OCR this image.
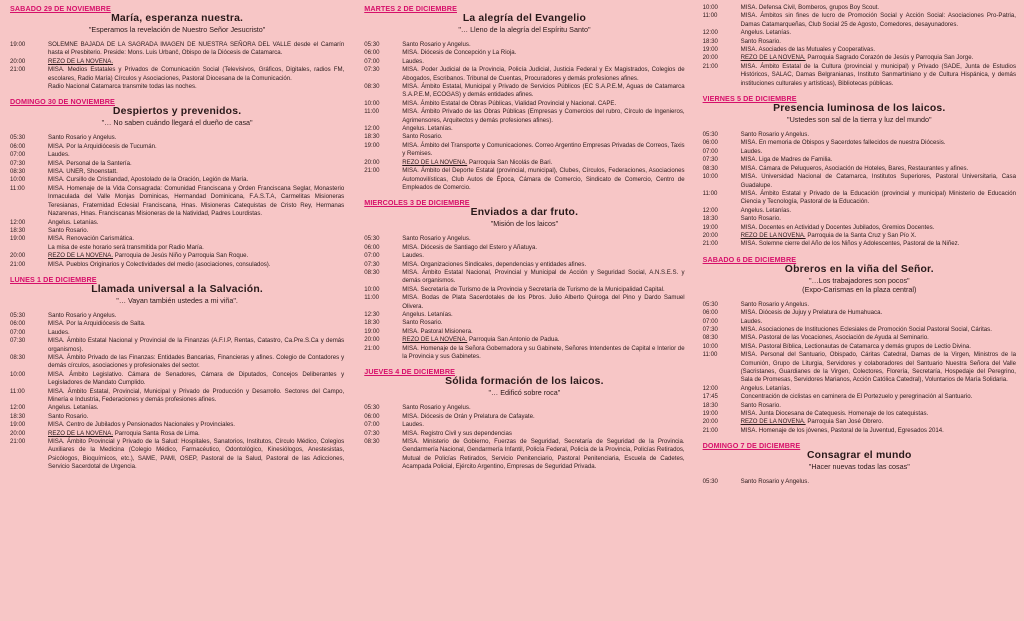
SABADO 29 DE NOVIEMBRE
María, esperanza nuestra.
"Esperamos la revelación de Nuestro Señor Jesucristo"
19:00	SOLEMNE BAJADA DE LA SAGRADA IMAGEN DE NUESTRA SEÑORA DEL VALLE desde el Camarín hasta el Presbiterio. Preside: Mons. Luis Urbanč, Obispo de la Diócesis de Catamarca.
20:00	REZO DE LA NOVENA.
21:00	MISA. Medios Estatales y Privados de Comunicación Social (Televisivos, Gráficos, Digitales, radios FM, escolares, Radio María) Círculos y Asociaciones, Pastoral Diocesana de la Comunicación.
Radio Nacional Catamarca transmite todas las noches.
DOMINGO 30 DE NOVIEMBRE
Despiertos y prevenidos.
"… No saben cuándo llegará el dueño de casa"
05:30	Santo Rosario y Angelus.
06:00	MISA. Por la Arquidiócesis de Tucumán.
07:00	Laudes.
07:30	MISA. Personal de la Santería.
08:30	MISA. UNER, Shoenstatt.
10:00	MISA. Cursillo de Cristiandad, Apostolado de la Oración, Legión de María.
11:00	MISA. Homenaje de la Vida Consagrada: Comunidad Franciscana y Orden Franciscana Seglar, Monasterio Inmaculada del Valle Monjas Dominicas, Hermandad Dominicana, F.A.S.T.A, Carmelitas Misioneras Teresianas, Fraternidad Eclesial Franciscana, Hnas. Misioneras Catequistas de Cristo Rey, Hermanas Nazarenas, Hnas. Franciscanas Misioneras de la Natividad, Padres Lourdistas.
12:00	Angelus. Letanías.
18:30	Santo Rosario.
19:00	MISA. Renovación Carismática.
La misa de este horario será transmitida por Radio María.
20:00	REZO DE LA NOVENA. Parroquia de Jesús Niño y Parroquia San Roque.
21:00	MISA. Pueblos Originarios y Colectividades del medio (asociaciones, consulados).
LUNES 1 DE DICIEMBRE
Llamada universal a la Salvación.
"… Vayan también ustedes a mi viña".
05:30	Santo Rosario y Angelus.
06:00	MISA. Por la Arquidiócesis de Salta.
07:00	Laudes.
07:30	MISA. Ámbito Estatal Nacional y Provincial de la Finanzas (A.F.I.P, Rentas, Catastro, Ca.Pre.S.Ca y demás organismos).
08:30	MISA. Ámbito Privado de las Finanzas: Entidades Bancarias, Financieras y afines. Colegio de Contadores y demás círculos, asociaciones y profesionales del sector.
10:00	MISA. Ámbito Legislativo. Cámara de Senadores, Cámara de Diputados, Concejos Deliberantes y Legisladores de Mandato Cumplido.
11:00	MISA. Ámbito Estatal, Provincial, Municipal y Privado de Producción y Desarrollo. Sectores del Campo, Minería e Industria, Federaciones y demás profesiones afines.
12:00	Angelus. Letanías.
18:30	Santo Rosario.
19:00	MISA. Centro de Jubilados y Pensionados Nacionales y Provinciales.
20:00	REZO DE LA NOVENA. Parroquia Santa Rosa de Lima.
21:00	MISA. Ámbito Provincial y Privado de la Salud: Hospitales, Sanatorios, Institutos, Círculo Médico, Colegios Auxiliares de la Medicina (Colegio Médico, Farmacéutico, Odontológico, Kinesiólogos, Anestesistas, Psicólogos, Bioquímicos, etc.), SAME, PAMI, OSEP, Pastoral de la Salud, Pastoral de las Adicciones, Servicio Sacerdotal de Urgencia.
MARTES 2 DE DICIEMBRE
La alegría del Evangelio
"… Lleno de la alegría del Espíritu Santo"
05:30	Santo Rosario y Angelus.
06:00	MISA. Diócesis de Concepción y La Rioja.
07:00	Laudes.
07:30	MISA. Poder Judicial de la Provincia, Policía Judicial, Justicia Federal y Ex Magistrados, Colegios de Abogados, Escribanos. Tribunal de Cuentas, Procuradores y demás profesiones afines.
08:30	MISA. Ámbito Estatal, Municipal y Privado de Servicios Públicos (EC S.A.P.E.M, Aguas de Catamarca S.A.P.E.M, ECOGAS) y demás entidades afines.
10:00	MISA. Ámbito Estatal de Obras Públicas, Vialidad Provincial y Nacional. CAPE.
11:00	MISA. Ámbito Privado de las Obras Públicas (Empresas y Comercios del rubro, Círculo de Ingenieros, Agrimensores, Arquitectos y demás profesiones afines).
12:00	Angelus. Letanías.
18:30	Santo Rosario.
19:00	MISA. Ámbito del Transporte y Comunicaciones. Correo Argentino Empresas Privadas de Correos, Taxis y Remises.
20:00	REZO DE LA NOVENA. Parroquia San Nicolás de Bari.
21:00	MISA. Ámbito del Deporte Estatal (provincial, municipal), Clubes, Círculos, Federaciones, Asociaciones Automovilísticas, Club Autos de Época, Cámara de Comercio, Sindicato de Comercio, Centro de Empleados de Comercio.
MIERCOLES 3 DE DICIEMBRE
Enviados a dar fruto.
"Misión de los laicos"
05:30	Santo Rosario y Angelus.
06:00	MISA. Diócesis de Santiago del Estero y Añatuya.
07:00	Laudes.
07:30	MISA. Organizaciones Sindicales, dependencias y entidades afines.
08:30	MISA. Ámbito Estatal Nacional, Provincial y Municipal de Acción y Seguridad Social, A.N.S.E.S. y demás organismos.
10:00	MISA. Secretaría de Turismo de la Provincia y Secretaría de Turismo de la Municipalidad Capital.
11:00	MISA. Bodas de Plata Sacerdotales de los Pbros. Julio Alberto Quiroga del Pino y Dardo Samuel Olivera.
12:30	Angelus. Letanías.
18:30	Santo Rosario.
19:00	MISA. Pastoral Misionera.
20:00	REZO DE LA NOVENA. Parroquia San Antonio de Padua.
21:00	MISA. Homenaje de la Señora Gobernadora y su Gabinete, Señores Intendentes de Capital e Interior de la Provincia y sus Gabinetes.
JUEVES 4 DE DICIEMBRE
Sólida formación de los laicos.
"… Edificó sobre roca"
05:30	Santo Rosario y Angelus.
06:00	MISA. Diócesis de Orán y Prelatura de Cafayate.
07:00	Laudes.
07:30	MISA. Registro Civil y sus dependencias
08:30	MISA. Ministerio de Gobierno, Fuerzas de Seguridad, Secretaría de Seguridad de la Provincia. Gendarmería Nacional, Gendarmería Infantil, Policía Federal, Policía de la Provincia, Policías Retirados, Mutual de Policías Retirados, Servicio Penitenciario, Pastoral Penitenciaria, Escuela de Cadetes, Acampada Policial, Ejército Argentino, Empresas de Seguridad Privada.
10:00	MISA. Defensa Civil, Bomberos, grupos Boy Scout.
11:00	MISA. Ámbitos sin fines de lucro de Promoción Social y Acción Social: Asociaciones Pro-Patria, Damas Catamarqueñas, Club Social 25 de Agosto, Comedores, desayunadores.
12:00	Angelus. Letanías.
18:30	Santo Rosario.
19:00	MISA. Asociades de las Mutuales y Cooperativas.
20:00	REZO DE LA NOVENA. Parroquia Sagrado Corazón de Jesús y Parroquia San Jorge.
21:00	MISA. Ámbito Estatal de la Cultura (provincial y municipal) y Privado (SADE, Junta de Estudios Históricos, SALAC, Damas Belgranianas, Instituto Sanmartiniano y de Cultura Hispánica, y demás instituciones culturales y artísticas), Bibliotecas públicas.
VIERNES 5 DE DICIEMBRE
Presencia luminosa de los laicos.
"Ustedes son sal de la tierra y luz del mundo"
05:30	Santo Rosario y Angelus.
06:00	MISA. En memoria de Obispos y Sacerdotes fallecidos de nuestra Diócesis.
07:00	Laudes.
07:30	MISA. Liga de Madres de Familia.
08:30	MISA. Cámara de Peluqueros, Asociación de Hoteles, Bares, Restaurantes y afines.
10:00	MISA. Universidad Nacional de Catamarca, Institutos Superiores, Pastoral Universitaria, Casa Guadalupe.
11:00	MISA. Ámbito Estatal y Privado de la Educación (provincial y municipal) Ministerio de Educación Ciencia y Tecnología, Pastoral de la Educación.
12:00	Angelus. Letanías.
18:30	Santo Rosario.
19:00	MISA. Docentes en Actividad y Docentes Jubilados, Gremios Docentes.
20:00	REZO DE LA NOVENA. Parroquia de la Santa Cruz y San Pío X.
21:00	MISA. Solemne cierre del Año de los Niños y Adolescentes, Pastoral de la Niñez.
SABADO 6 DE DICIEMBRE
Obreros en la viña del Señor.
"…Los trabajadores son pocos"
(Expo-Carismas en la plaza central)
05:30	Santo Rosario y Angelus.
06:00	MISA. Diócesis de Jujuy y Prelatura de Humahuaca.
07:00	Laudes.
07:30	MISA. Asociaciones de Instituciones Eclesiales de Promoción Social Pastoral Social, Cáritas.
08:30	MISA. Pastoral de las Vocaciones, Asociación de Ayuda al Seminario.
10:00	MISA. Pastoral Bíblica, Lectionautas de Catamarca y demás grupos de Lectio Divina.
11:00	MISA. Personal del Santuario, Obispado, Cáritas Catedral, Damas de la Virgen, Ministros de la Comunión, Grupo de Liturgia, Servidores y colaboradores del Santuario Nuestra Señora del Valle (Sacristanes, Guardianes de la Virgen, Colectores, Florería, Secretaría, Hospedaje del Peregrino, Sala de Promesas, Servidores Marianos, Acción Católica Catedral), Voluntarios de María Solidaria.
12:00	Angelus. Letanías.
17:45	Concentración de ciclistas en caminera de El Portezuelo y peregrinación al Santuario.
18:30	Santo Rosario.
19:00	MISA. Junta Diocesana de Catequesis. Homenaje de los catequistas.
20:00	REZO DE LA NOVENA. Parroquia San José Obrero.
21:00	MISA. Homenaje de los jóvenes, Pastoral de la Juventud, Egresados 2014.
DOMINGO 7 DE DICIEMBRE
Consagrar el mundo
"Hacer nuevas todas las cosas"
05:30	Santo Rosario y Angelus.
